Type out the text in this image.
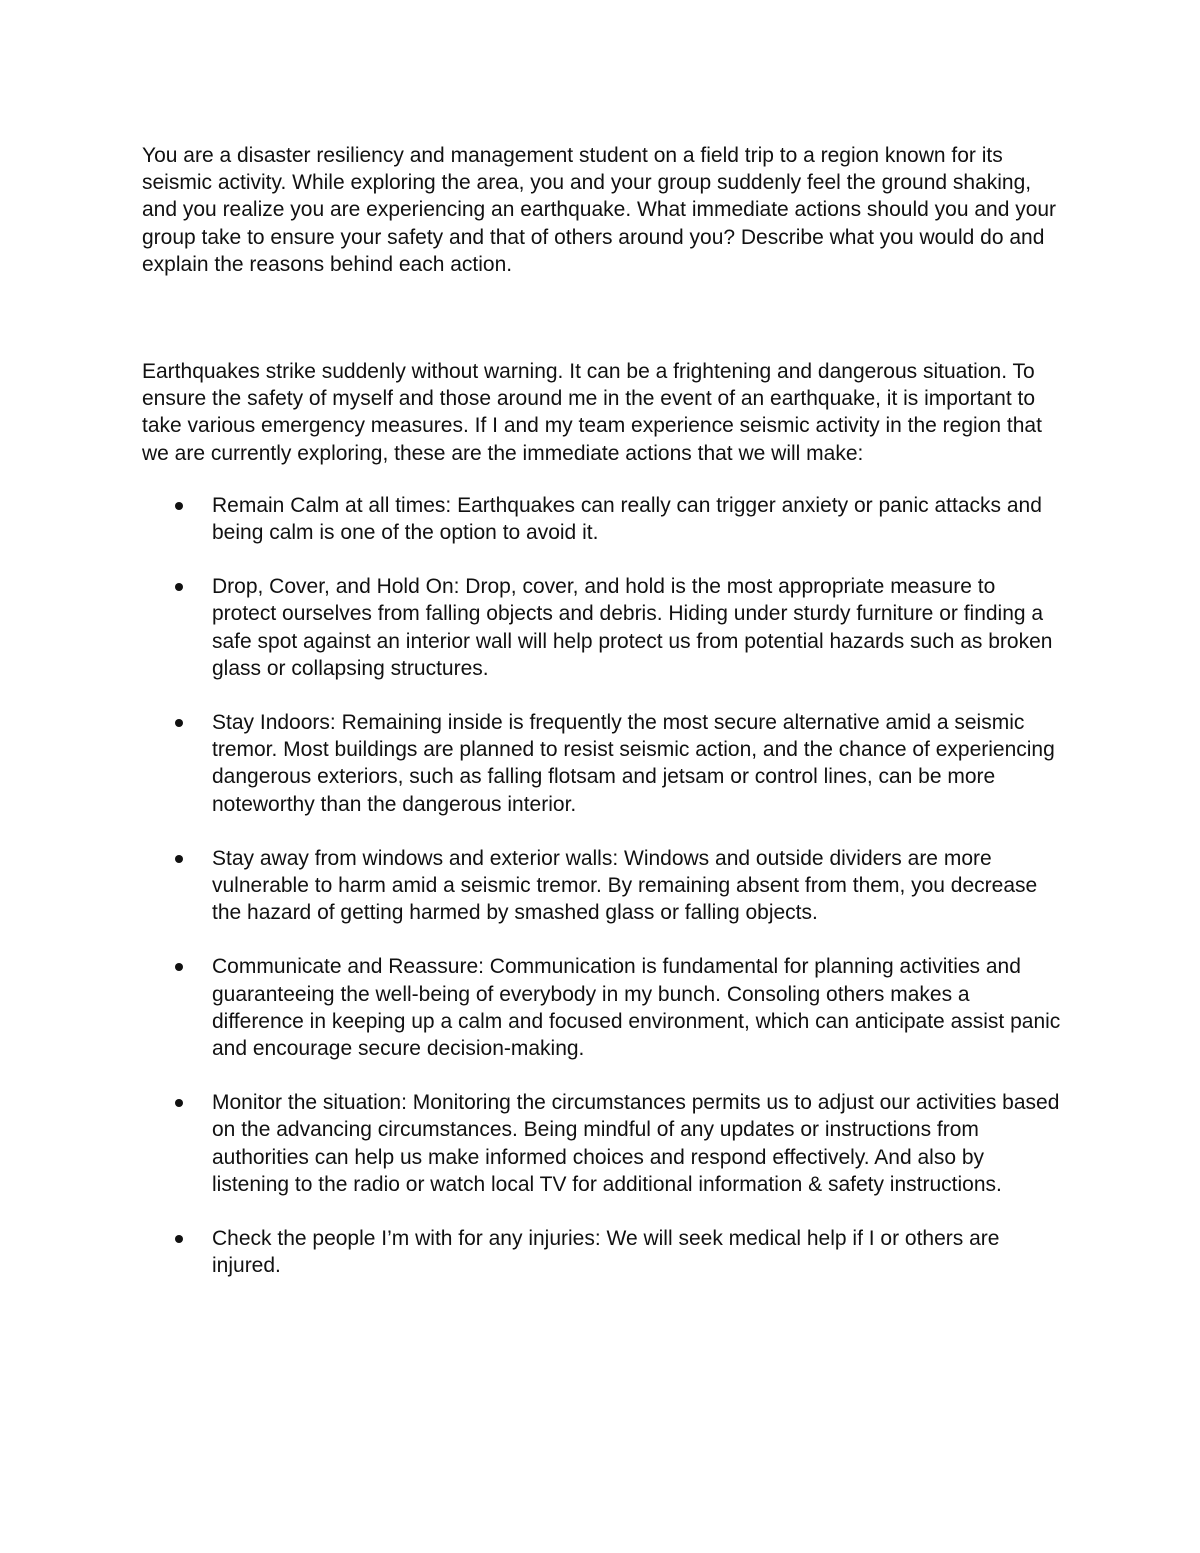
You are a disaster resiliency and management student on a field trip to a region known for its seismic activity. While exploring the area, you and your group suddenly feel the ground shaking, and you realize you are experiencing an earthquake. What immediate actions should you and your group take to ensure your safety and that of others around you? Describe what you would do and explain the reasons behind each action.

Earthquakes strike suddenly without warning. It can be a frightening and dangerous situation. To ensure the safety of myself and those around me in the event of an earthquake, it is important to take various emergency measures. If I and my team experience seismic activity in the region that we are currently exploring, these are the immediate actions that we will make:

Remain Calm at all times: Earthquakes can really can trigger anxiety or panic attacks and being calm is one of the option to avoid it.
Drop, Cover, and Hold On: Drop, cover, and hold is the most appropriate measure to protect ourselves from falling objects and debris. Hiding under sturdy furniture or finding a safe spot against an interior wall will help protect us from potential hazards such as broken glass or collapsing structures.
Stay Indoors: Remaining inside is frequently the most secure alternative amid a seismic tremor. Most buildings are planned to resist seismic action, and the chance of experiencing dangerous exteriors, such as falling flotsam and jetsam or control lines, can be more noteworthy than the dangerous interior.
Stay away from windows and exterior walls: Windows and outside dividers are more vulnerable to harm amid a seismic tremor. By remaining absent from them, you decrease the hazard of getting harmed by smashed glass or falling objects.
Communicate and Reassure: Communication is fundamental for planning activities and guaranteeing the well-being of everybody in my bunch. Consoling others makes a difference in keeping up a calm and focused environment, which can anticipate assist panic and encourage secure decision-making.
Monitor the situation: Monitoring the circumstances permits us to adjust our activities based on the advancing circumstances. Being mindful of any updates or instructions from authorities can help us make informed choices and respond effectively. And also by listening to the radio or watch local TV for additional information & safety instructions.
Check the people I’m with for any injuries: We will seek medical help if I or others are injured.
